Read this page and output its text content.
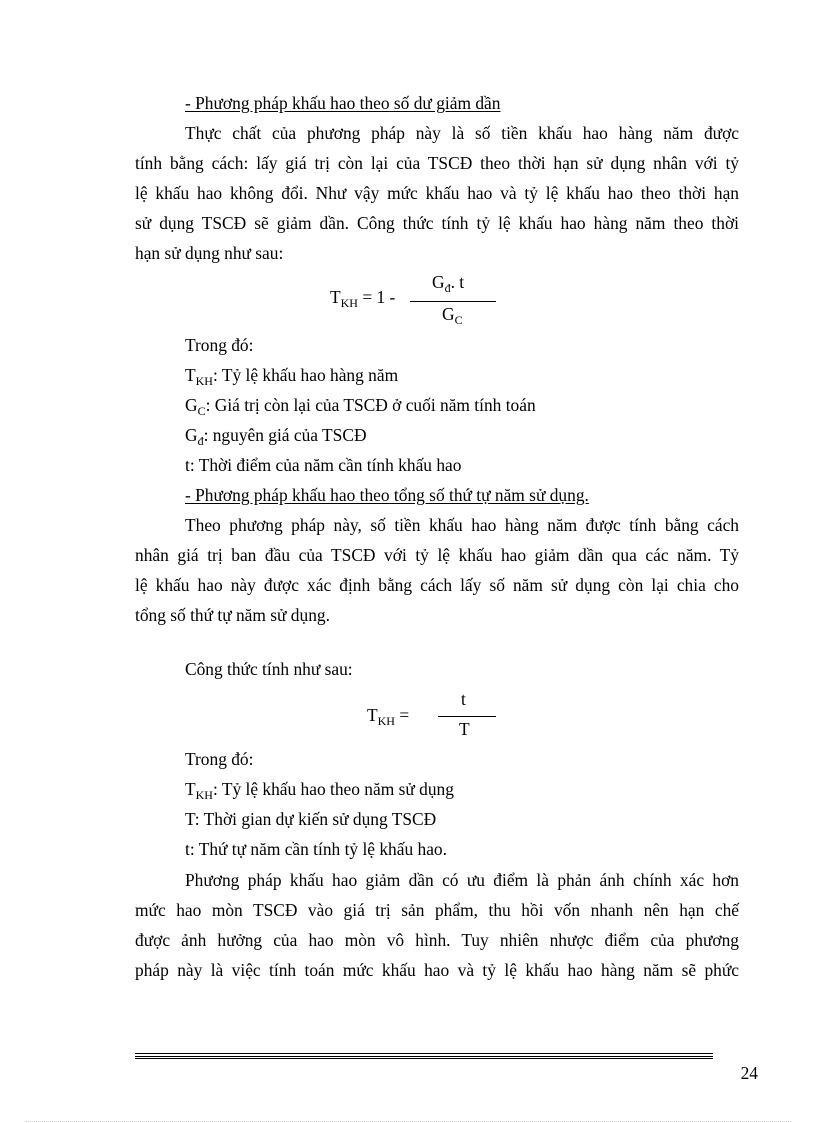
- Phương pháp khấu hao theo số dư giảm dần
Thực chất của phương pháp này là số tiền khấu hao hàng năm được
tính bằng cách: lấy giá trị còn lại của TSCĐ theo thời hạn sử dụng nhân với tỷ
lệ khấu hao không đổi. Như vậy mức khấu hao và tỷ lệ khấu hao theo thời hạn
sử dụng TSCĐ sẽ giảm dần. Công thức tính tỷ lệ khấu hao hàng năm theo thời
hạn sử dụng như sau:
$T_{KH} = 1$ -
$G_đ$. t
$G_C$
Trong đó:
$T_{KH}$: Tỷ lệ khấu hao hàng năm
$G_C$: Giá trị còn lại của TSCĐ ở cuối năm tính toán
$G_đ$: nguyên giá của TSCĐ
t: Thời điểm của năm cần tính khấu hao
- Phương pháp khấu hao theo tổng số thứ tự năm sử dụng.
Theo phương pháp này, số tiền khấu hao hàng năm được tính bằng cách
nhân giá trị ban đầu của TSCĐ với tỷ lệ khấu hao giảm dần qua các năm. Tỷ
lệ khấu hao này được xác định bằng cách lấy số năm sử dụng còn lại chia cho
tổng số thứ tự năm sử dụng.
Công thức tính như sau:
$T_{KH}$ =
t
T
Trong đó:
$T_{KH}$: Tỷ lệ khấu hao theo năm sử dụng
T: Thời gian dự kiến sử dụng TSCĐ
t: Thứ tự năm cần tính tỷ lệ khấu hao.
Phương pháp khấu hao giảm dần có ưu điểm là phản ánh chính xác hơn
mức hao mòn TSCĐ vào giá trị sản phẩm, thu hồi vốn nhanh nên hạn chế
được ảnh hưởng của hao mòn vô hình. Tuy nhiên nhược điểm của phương
pháp này là việc tính toán mức khấu hao và tỷ lệ khấu hao hàng năm sẽ phức
24
